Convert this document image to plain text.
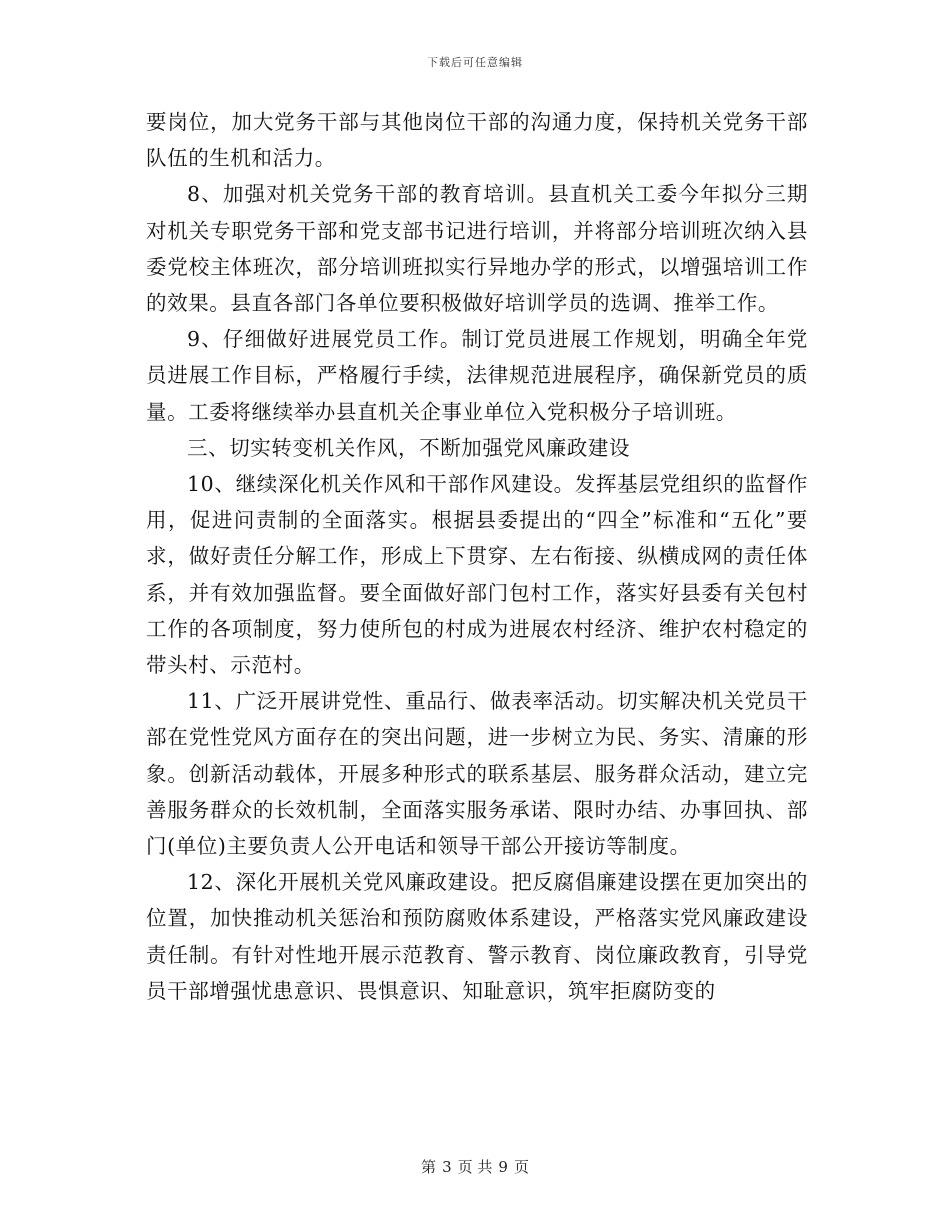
下载后可任意编辑

要岗位，加大党务干部与其他岗位干部的沟通力度，保持机关党务干部队伍的生机和活力。

8、加强对机关党务干部的教育培训。县直机关工委今年拟分三期对机关专职党务干部和党支部书记进行培训，并将部分培训班次纳入县委党校主体班次，部分培训班拟实行异地办学的形式，以增强培训工作的效果。县直各部门各单位要积极做好培训学员的选调、推举工作。

9、仔细做好进展党员工作。制订党员进展工作规划，明确全年党员进展工作目标，严格履行手续，法律规范进展程序，确保新党员的质量。工委将继续举办县直机关企事业单位入党积极分子培训班。

三、切实转变机关作风，不断加强党风廉政建设

10、继续深化机关作风和干部作风建设。发挥基层党组织的监督作用，促进问责制的全面落实。根据县委提出的“四全”标准和“五化”要求，做好责任分解工作，形成上下贯穿、左右衔接、纵横成网的责任体系，并有效加强监督。要全面做好部门包村工作，落实好县委有关包村工作的各项制度，努力使所包的村成为进展农村经济、维护农村稳定的带头村、示范村。

11、广泛开展讲党性、重品行、做表率活动。切实解决机关党员干部在党性党风方面存在的突出问题，进一步树立为民、务实、清廉的形象。创新活动载体，开展多种形式的联系基层、服务群众活动，建立完善服务群众的长效机制，全面落实服务承诺、限时办结、办事回执、部门(单位)主要负责人公开电话和领导干部公开接访等制度。

12、深化开展机关党风廉政建设。把反腐倡廉建设摆在更加突出的位置，加快推动机关惩治和预防腐败体系建设，严格落实党风廉政建设责任制。有针对性地开展示范教育、警示教育、岗位廉政教育，引导党员干部增强忧患意识、畏惧意识、知耻意识，筑牢拒腐防变的

第 3 页 共 9 页
